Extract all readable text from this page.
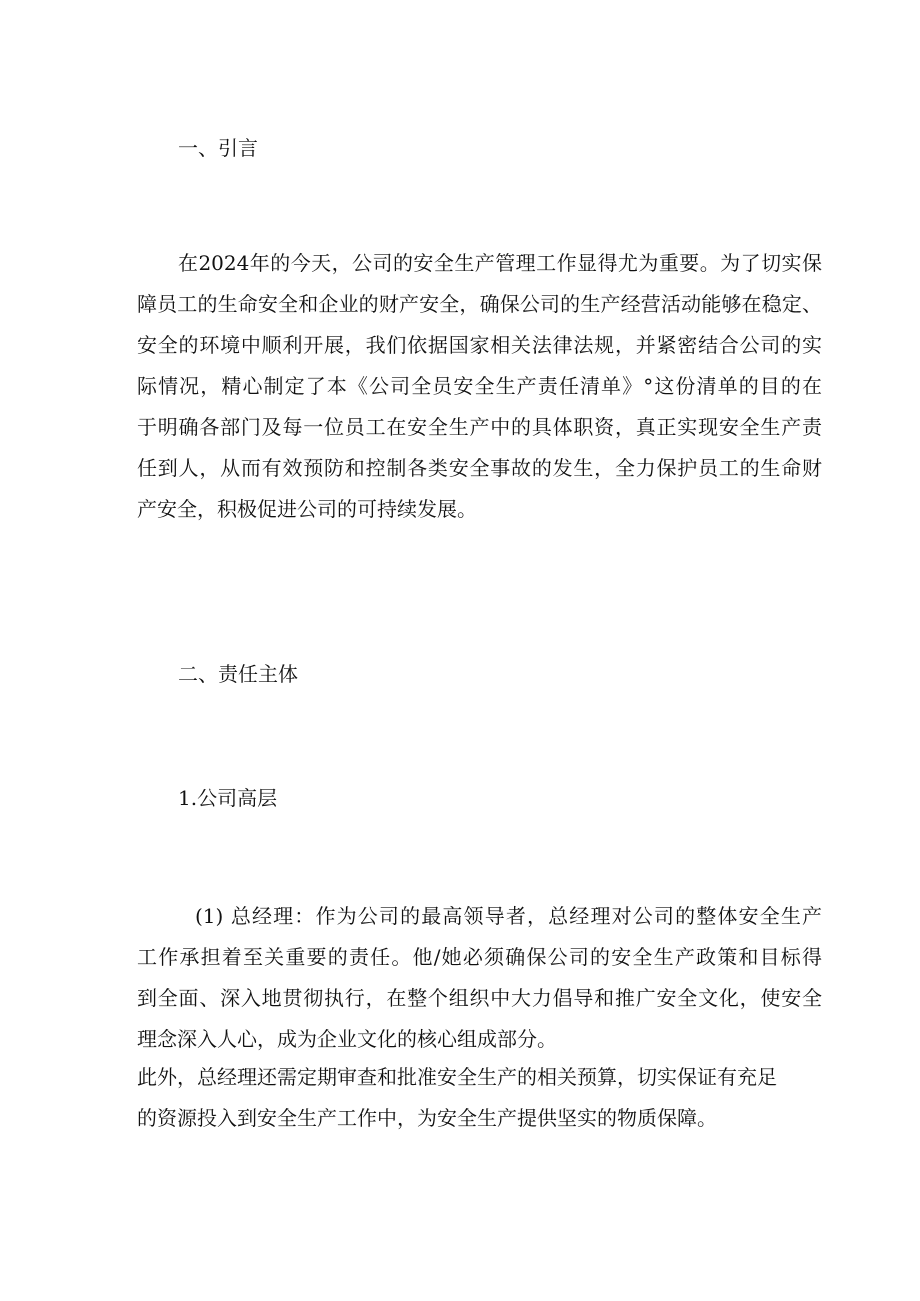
一、引言
在2024年的今天，公司的安全生产管理工作显得尤为重要。为了切实保
障员工的生命安全和企业的财产安全，确保公司的生产经营活动能够在稳定、
安全的环境中顺利开展，我们依据国家相关法律法规，并紧密结合公司的实
际情况，精心制定了本《公司全员安全生产责任清单》°这份清单的目的在
于明确各部门及每一位员工在安全生产中的具体职资，真正实现安全生产责
任到人，从而有效预防和控制各类安全事故的发生，全力保护员工的生命财
产安全，积极促进公司的可持续发展。
二、责任主体
1.公司高层
(1) 总经理：作为公司的最高领导者，总经理对公司的整体安全生产
工作承担着至关重要的责任。他/她必须确保公司的安全生产政策和目标得
到全面、深入地贯彻执行，在整个组织中大力倡导和推广安全文化，使安全
理念深入人心，成为企业文化的核心组成部分。
此外，总经理还需定期审查和批准安全生产的相关预算，切实保证有充足
的资源投入到安全生产工作中，为安全生产提供坚实的物质保障。
